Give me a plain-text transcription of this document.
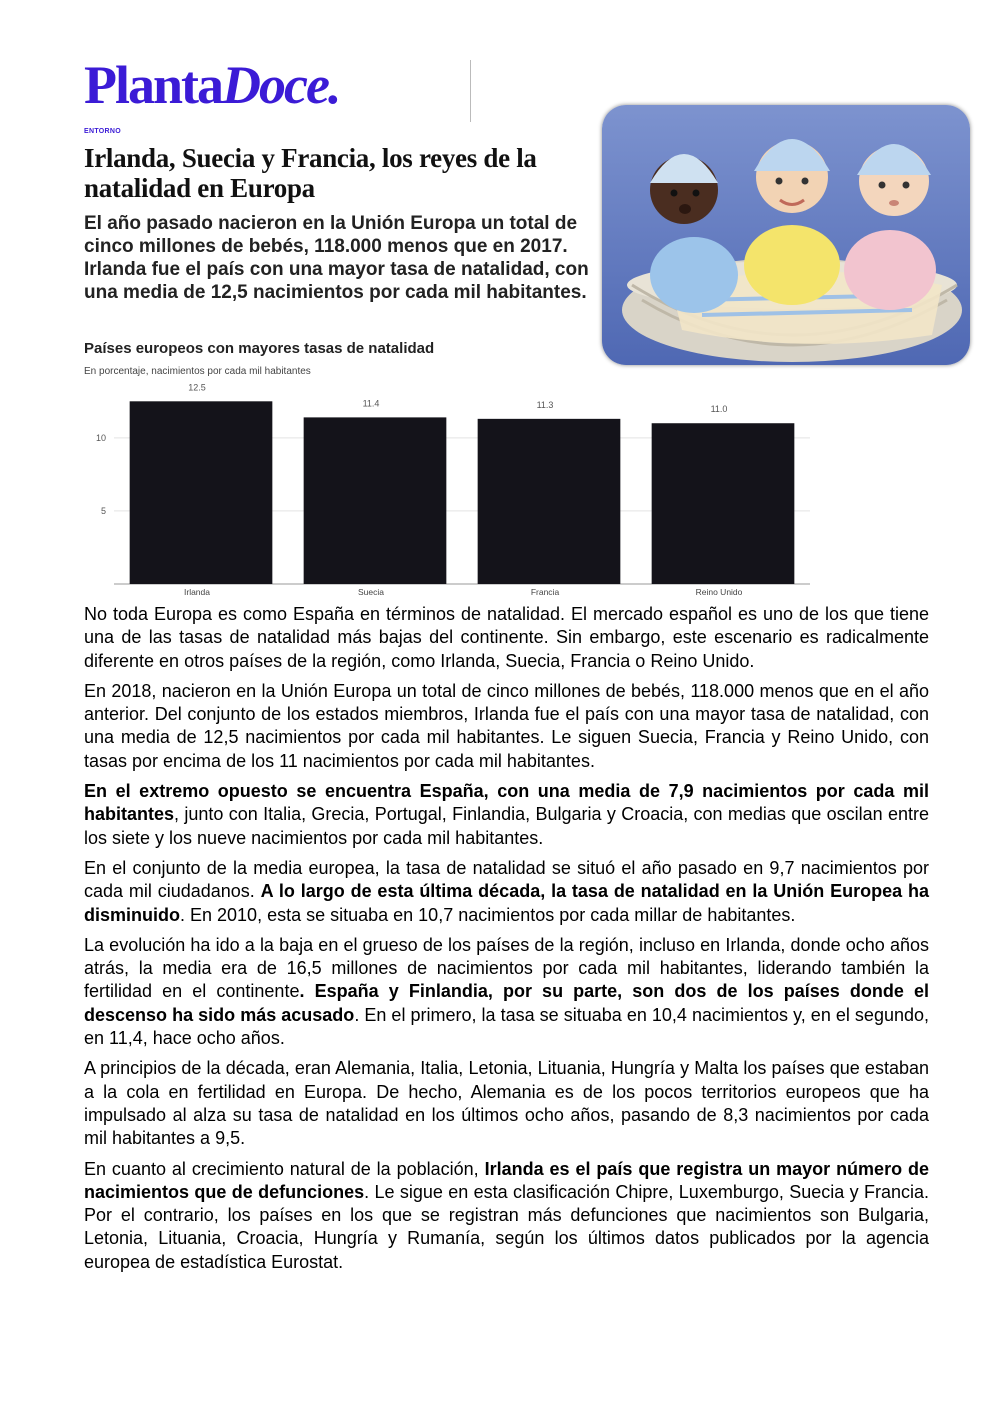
PlantaDoce.
ENTORNO
Irlanda, Suecia y Francia, los reyes de la natalidad en Europa

El año pasado nacieron en la Unión Europa un total de cinco millones de bebés, 118.000 menos que en 2017. Irlanda fue el país con una mayor tasa de natalidad, con una media de 12,5 nacimientos por cada mil habitantes.

Países europeos con mayores tasas de natalidad
En porcentaje, nacimientos por cada mil habitantes
5
10
12.5
Irlanda
11.4
Suecia
11.3
Francia
11.0
Reino Unido

No toda Europa es como España en términos de natalidad. El mercado español es uno de los que tiene una de las tasas de natalidad más bajas del continente. Sin embargo, este escenario es radicalmente diferente en otros países de la región, como Irlanda, Suecia, Francia o Reino Unido.

En 2018, nacieron en la Unión Europa un total de cinco millones de bebés, 118.000 menos que en el año anterior. Del conjunto de los estados miembros, Irlanda fue el país con una mayor tasa de natalidad, con una media de 12,5 nacimientos por cada mil habitantes. Le siguen Suecia, Francia y Reino Unido, con tasas por encima de los 11 nacimientos por cada mil habitantes.

En el extremo opuesto se encuentra España, con una media de 7,9 nacimientos por cada mil habitantes, junto con Italia, Grecia, Portugal, Finlandia, Bulgaria y Croacia, con medias que oscilan entre los siete y los nueve nacimientos por cada mil habitantes.

En el conjunto de la media europea, la tasa de natalidad se situó el año pasado en 9,7 nacimientos por cada mil ciudadanos. A lo largo de esta última década, la tasa de natalidad en la Unión Europea ha disminuido. En 2010, esta se situaba en 10,7 nacimientos por cada millar de habitantes.

La evolución ha ido a la baja en el grueso de los países de la región, incluso en Irlanda, donde ocho años atrás, la media era de 16,5 millones de nacimientos por cada mil habitantes, liderando también la fertilidad en el continente. España y Finlandia, por su parte, son dos de los países donde el descenso ha sido más acusado. En el primero, la tasa se situaba en 10,4 nacimientos y, en el segundo, en 11,4, hace ocho años.

A principios de la década, eran Alemania, Italia, Letonia, Lituania, Hungría y Malta los países que estaban a la cola en fertilidad en Europa. De hecho, Alemania es de los pocos territorios europeos que ha impulsado al alza su tasa de natalidad en los últimos ocho años, pasando de 8,3 nacimientos por cada mil habitantes a 9,5.

En cuanto al crecimiento natural de la población, Irlanda es el país que registra un mayor número de nacimientos que de defunciones. Le sigue en esta clasificación Chipre, Luxemburgo, Suecia y Francia. Por el contrario, los países en los que se registran más defunciones que nacimientos son Bulgaria, Letonia, Lituania, Croacia, Hungría y Rumanía, según los últimos datos publicados por la agencia europea de estadística Eurostat.
